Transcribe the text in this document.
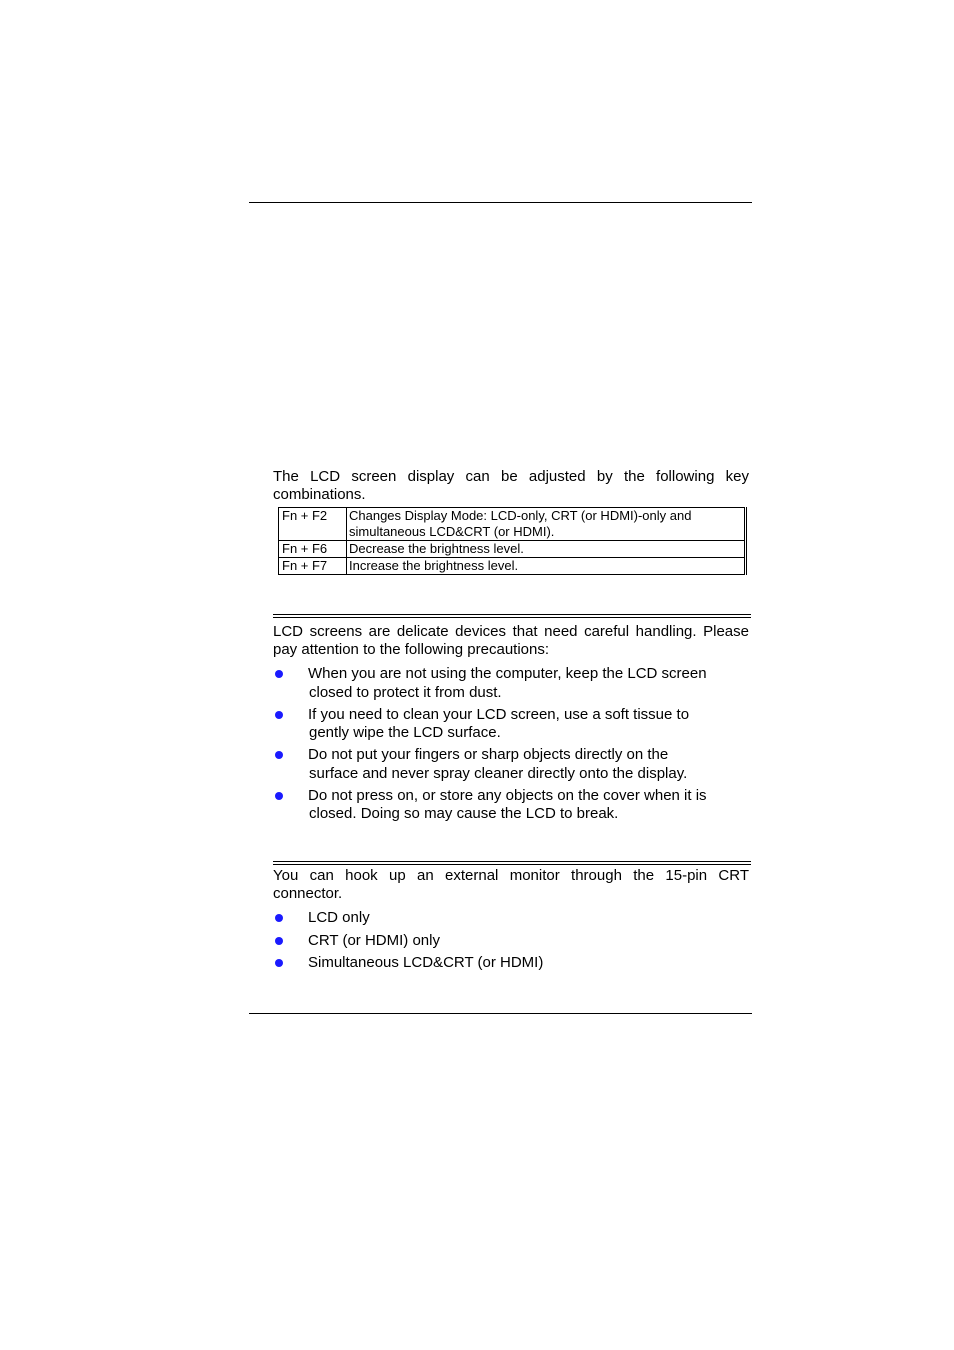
The LCD screen display can be adjusted by the following key combinations.

Fn + F2	Changes Display Mode: LCD-only, CRT (or HDMI)-only and
simultaneous LCD&CRT (or HDMI).
Fn + F6	Decrease the brightness level.
Fn + F7	Increase the brightness level.

LCD screens are delicate devices that need careful handling. Please pay attention to the following precautions:

When you are not using the computer, keep the LCD screen
closed to protect it from dust.
If you need to clean your LCD screen, use a soft tissue to
gently wipe the LCD surface.
Do not put your fingers or sharp objects directly on the
surface and never spray cleaner directly onto the display.
Do not press on, or store any objects on the cover when it is
closed. Doing so may cause the LCD to break.

You can hook up an external monitor through the 15-pin CRT connector.

LCD only
CRT (or HDMI) only
Simultaneous LCD&CRT (or HDMI)
